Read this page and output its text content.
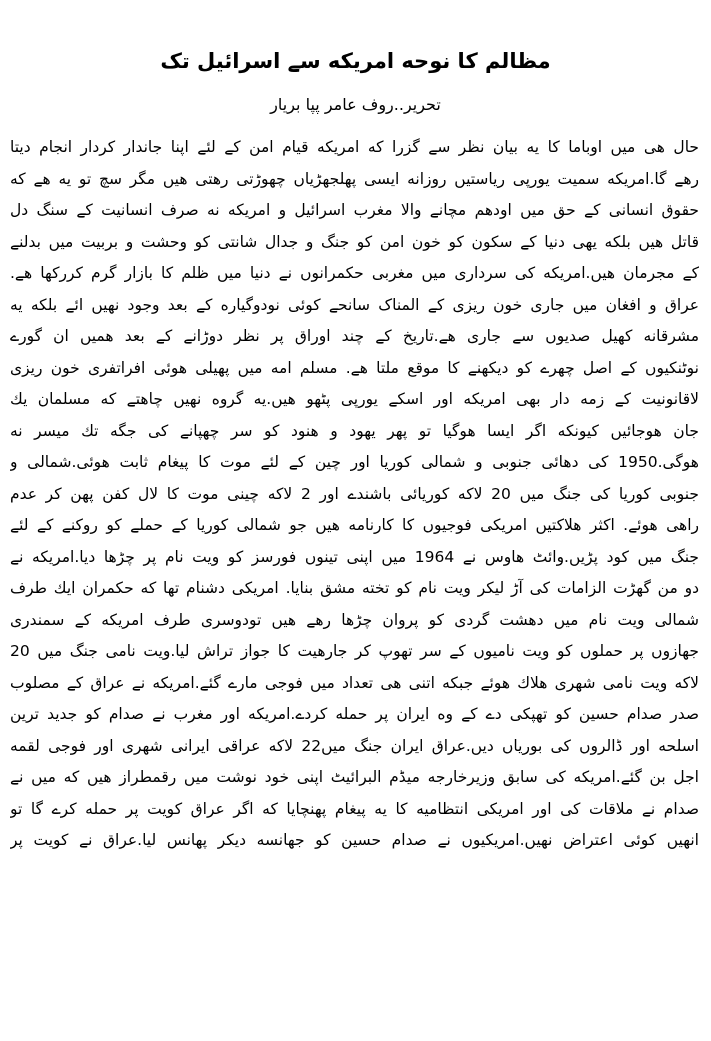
مظالم کا نوحه امریکه سے اسرائیل تک
تحریر..روف عامر پپا بریار
حال هی میں اوباما کا یه بیان نظر سے گزرا که امریکه قیام امن کے لئے اپنا جاندار کردار انجام دیتا
رهے گا.امریکه سمیت یورپی ریاستیں روزانه ایسی پهلجهڑیاں چهوڑتی رهتی هیں مگر سچ تو یه هے که
حقوق انسانی کے حق میں اودهم مچانے والا مغرب اسرائیل و امریکه نه صرف انسانیت کے سنگ دل
قاتل هیں بلکه یهی دنیا کے سکون کو خون امن کو جنگ و جدال شانتی کو وحشت و بربیت میں بدلنے
کے مجرمان هیں.امریکه کی سرداری میں مغربی حکمرانوں نے دنیا میں ظلم کا بازار گرم کررکها هے.
عراق و افغان میں جاری خون ریزی کے المناک سانحے کوئی نودوگیاره کے بعد وجود نهیں ائے بلکه یه
مشرقانه کهیل صدیوں سے جاری هے.تاریخ کے چند اوراق پر نظر دوڑانے کے بعد همیں ان گورے
نوٹنکیوں کے اصل چهرے کو دیکهنے کا موقع ملتا هے. مسلم امه میں پهیلی هوئی افراتفری خون ریزی
لاقانونیت کے زمه دار بهی امریکه اور اسکے یورپی پٹهو هیں.یه گروه نهیں چاهتے که مسلمان یك
جان هوجائیں کیونکه اگر ایسا هوگیا تو پهر یهود و هنود کو سر چهپانے کی جگه تك میسر نه
هوگی.1950 کی دهائی جنوبی و شمالی کوریا اور چین کے لئے موت کا پیغام ثابت هوئی.شمالی و
جنوبی کوریا کی جنگ میں 20 لاکه کوریائی باشندے اور 2 لاکه چینی موت کا لال کفن پهن کر عدم
راهی هوئے. اکثر هلاکتیں امریکی فوجیوں کا کارنامه هیں جو شمالی کوریا کے حملے کو روکنے کے لئے
جنگ میں کود پڑیں.وائٹ هاوس نے 1964 میں اپنی تینوں فورسز کو ویت نام پر چڑها دیا.امریکه نے
دو من گهڑت الزامات کی آڑ لیکر ویت نام کو تخته مشق بنایا. امریکی دشنام تها که حکمران ایك طرف
شمالی ویت نام میں دهشت گردی کو پروان چڑها رهے هیں تودوسری طرف امریکه کے سمندری
جهازوں پر حملوں کو ویت نامیوں کے سر تهوپ کر جارهیت کا جواز تراش لیا.ویت نامی جنگ میں 20
لاکه ویت نامی شهری هلاك هوئے جبکه اتنی هی تعداد میں فوجی مارے گئے.امریکه نے عراق کے مصلوب
صدر صدام حسین کو تهپکی دے کے وه ایران پر حمله کردے.امریکه اور مغرب نے صدام کو جدید ترین
اسلحه اور ڈالروں کی بوریاں دیں.عراق ایران جنگ میں22 لاکه عراقی ایرانی شهری اور فوجی لقمه
اجل بن گئے.امریکه کی سابق وزیرخارجه میڈم البرائیٹ اپنی خود نوشت میں رقمطراز هیں که میں نے
صدام نے ملاقات کی اور امریکی انتظامیه کا یه پیغام پهنچایا که اگر عراق کویت پر حمله کرے گا تو
انهیں کوئی اعتراض نهیں.امریکیوں نے صدام حسین کو جهانسه دیکر پهانس لیا.عراق نے کویت پر
